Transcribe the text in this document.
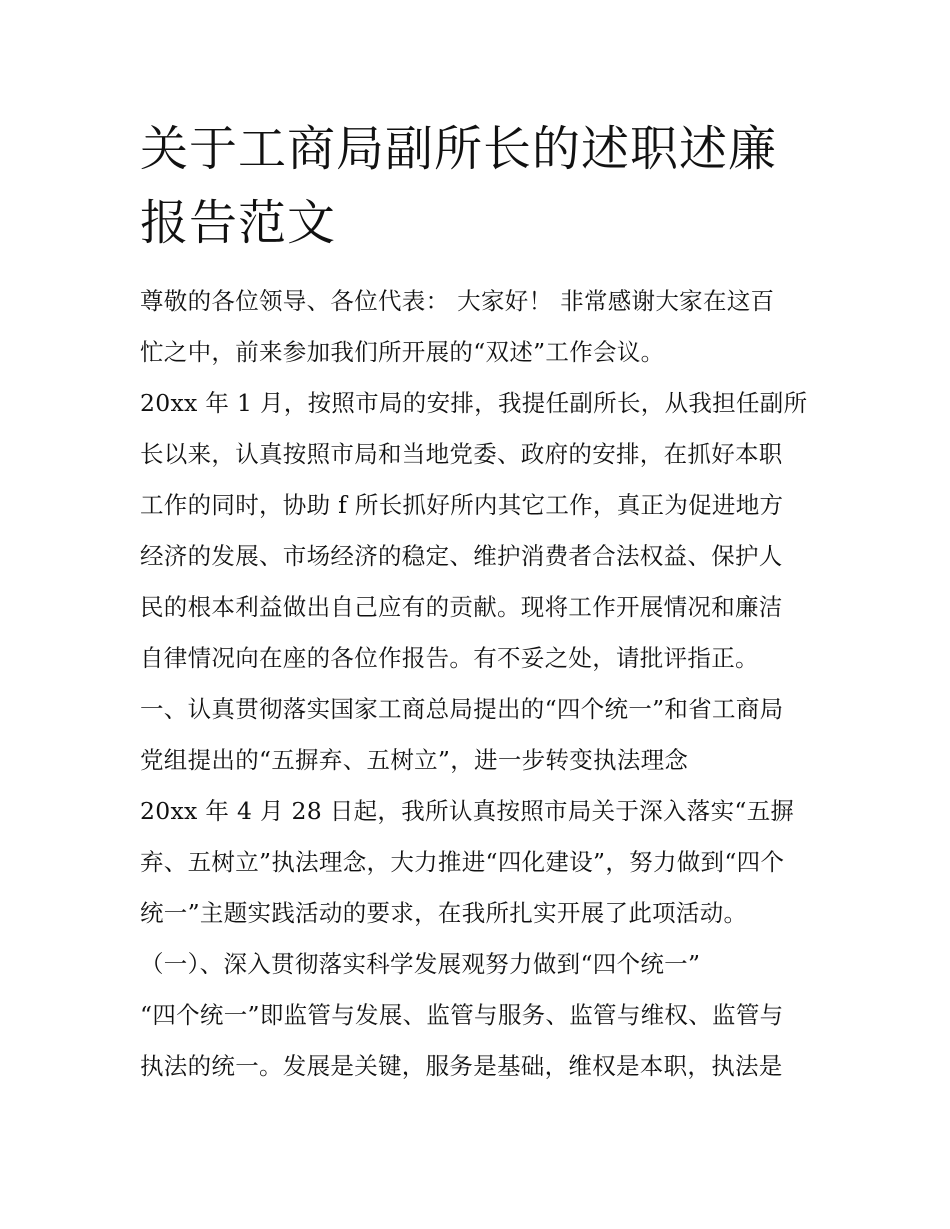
关于工商局副所长的述职述廉
报告范文
尊敬的各位领导、各位代表： 大家好！ 非常感谢大家在这百
忙之中，前来参加我们所开展的“双述”工作会议。
20xx 年 1 月，按照市局的安排，我提任副所长，从我担任副所
长以来，认真按照市局和当地党委、政府的安排，在抓好本职
工作的同时，协助 f 所长抓好所内其它工作，真正为促进地方
经济的发展、市场经济的稳定、维护消费者合法权益、保护人
民的根本利益做出自己应有的贡献。现将工作开展情况和廉洁
自律情况向在座的各位作报告。有不妥之处，请批评指正。
一、认真贯彻落实国家工商总局提出的“四个统一”和省工商局
党组提出的“五摒弃、五树立”，进一步转变执法理念
20xx 年 4 月 28 日起，我所认真按照市局关于深入落实“五摒
弃、五树立”执法理念，大力推进“四化建设”，努力做到“四个
统一”主题实践活动的要求，在我所扎实开展了此项活动。
（一）、深入贯彻落实科学发展观努力做到“四个统一”
“四个统一”即监管与发展、监管与服务、监管与维权、监管与
执法的统一。发展是关键，服务是基础，维权是本职，执法是
